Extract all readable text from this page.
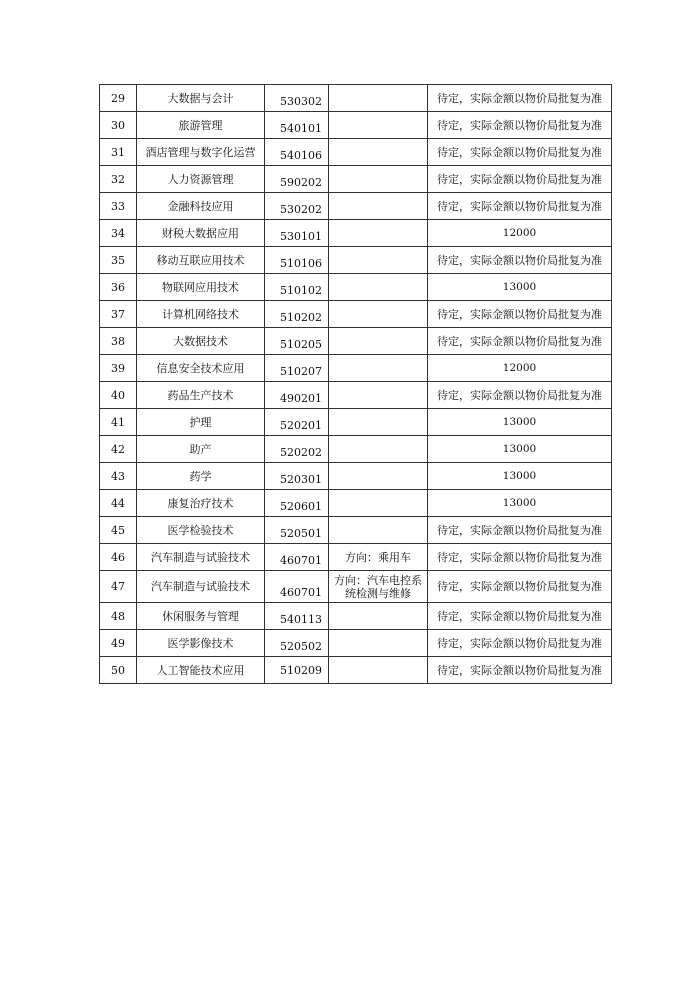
29	大数据与会计	530302		待定，实际金额以物价局批复为准
30	旅游管理	540101		待定，实际金额以物价局批复为准
31	酒店管理与数字化运营	540106		待定，实际金额以物价局批复为准
32	人力资源管理	590202		待定，实际金额以物价局批复为准
33	金融科技应用	530202		待定，实际金额以物价局批复为准
34	财税大数据应用	530101		12000
35	移动互联应用技术	510106		待定，实际金额以物价局批复为准
36	物联网应用技术	510102		13000
37	计算机网络技术	510202		待定，实际金额以物价局批复为准
38	大数据技术	510205		待定，实际金额以物价局批复为准
39	信息安全技术应用	510207		12000
40	药品生产技术	490201		待定，实际金额以物价局批复为准
41	护理	520201		13000
42	助产	520202		13000
43	药学	520301		13000
44	康复治疗技术	520601		13000
45	医学检验技术	520501		待定，实际金额以物价局批复为准
46	汽车制造与试验技术	460701	方向：乘用车	待定，实际金额以物价局批复为准
47	汽车制造与试验技术	460701	方向：汽车电控系统检测与维修	待定，实际金额以物价局批复为准
48	休闲服务与管理	540113		待定，实际金额以物价局批复为准
49	医学影像技术	520502		待定，实际金额以物价局批复为准
50	人工智能技术应用	510209		待定，实际金额以物价局批复为准
